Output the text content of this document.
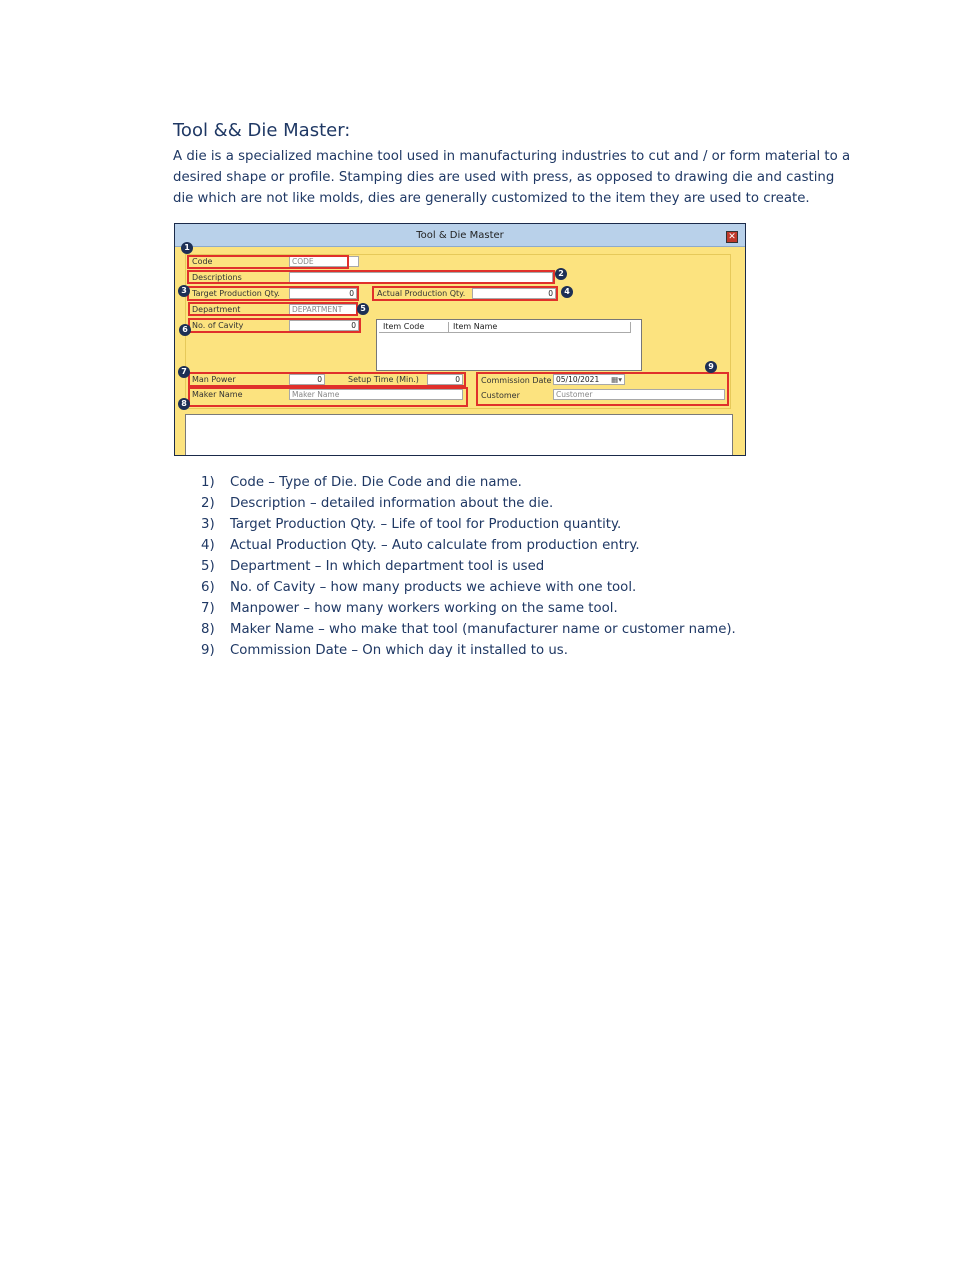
Tool && Die Master:

A die is a specialized machine tool used in manufacturing industries to cut and / or form material to a desired shape or profile. Stamping dies are used with press, as opposed to drawing die and casting die which are not like molds, dies are generally customized to the item they are used to create.

Tool & Die Master	✕
Code	CODE
1
Descriptions	2
Target Production Qty.	0
3	Actual Production Qty.	0	4
Department	DEPARTMENT	5
No. of Cavity	0
6	Item Code	Item Name
Man Power	0	Setup Time (Min.)	0
7
Maker Name	Maker Name
8
Commission Date 05/10/2021 ▦▾
Customer	Customer
9
1) Code – Type of Die. Die Code and die name.
2) Description – detailed information about the die.
3) Target Production Qty. – Life of tool for Production quantity.
4) Actual Production Qty. – Auto calculate from production entry.
5) Department – In which department tool is used
6) No. of Cavity – how many products we achieve with one tool.
7) Manpower – how many workers working on the same tool.
8) Maker Name – who make that tool (manufacturer name or customer name).
9) Commission Date – On which day it installed to us.
